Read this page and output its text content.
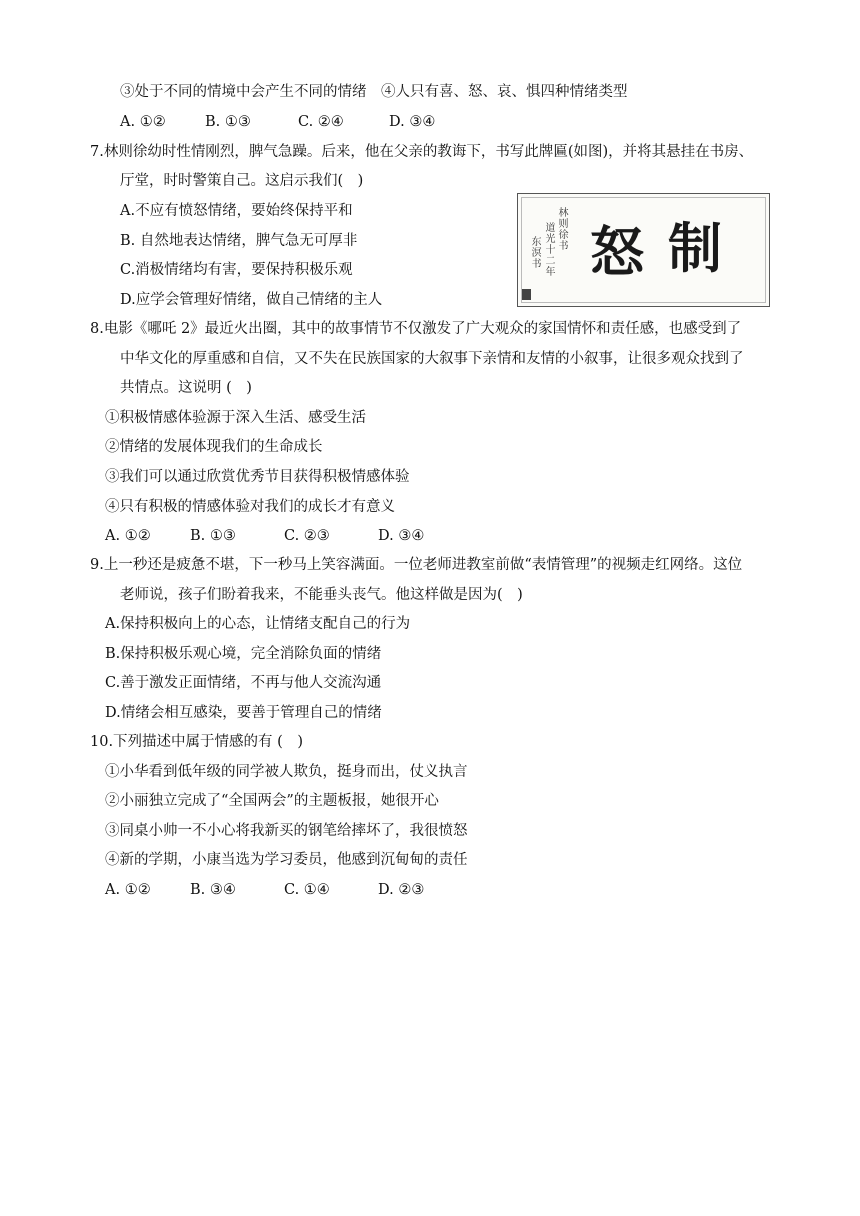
③处于不同的情境中会产生不同的情绪　④人只有喜、怒、哀、惧四种情绪类型
A. ①②	B. ①③	C. ②④	D. ③④
7.林则徐幼时性情刚烈，脾气急躁。后来，他在父亲的教诲下，书写此牌匾(如图)，并将其悬挂在书房、
厅堂，时时警策自己。这启示我们(　)
A.不应有愤怒情绪，要始终保持平和
B. 自然地表达情绪，脾气急无可厚非
C.消极情绪均有害，要保持积极乐观
D.应学会管理好情绪，做自己情绪的主人
林则徐书
道光十二年
东溟书 怒 制
8.电影《哪吒 2》最近火出圈，其中的故事情节不仅激发了广大观众的家国情怀和责任感，也感受到了
中华文化的厚重感和自信，又不失在民族国家的大叙事下亲情和友情的小叙事，让很多观众找到了
共情点。这说明 (　)
①积极情感体验源于深入生活、感受生活
②情绪的发展体现我们的生命成长
③我们可以通过欣赏优秀节目获得积极情感体验
④只有积极的情感体验对我们的成长才有意义
A. ①②	B. ①③	C. ②③	D. ③④
9.上一秒还是疲惫不堪，下一秒马上笑容满面。一位老师进教室前做“表情管理”的视频走红网络。这位
老师说，孩子们盼着我来，不能垂头丧气。他这样做是因为(　)
A.保持积极向上的心态，让情绪支配自己的行为
B.保持积极乐观心境，完全消除负面的情绪
C.善于激发正面情绪，不再与他人交流沟通
D.情绪会相互感染，要善于管理自己的情绪
10.下列描述中属于情感的有 (　)
①小华看到低年级的同学被人欺负，挺身而出，仗义执言
②小丽独立完成了“全国两会”的主题板报，她很开心
③同桌小帅一不小心将我新买的钢笔给摔坏了，我很愤怒
④新的学期，小康当选为学习委员，他感到沉甸甸的责任
A. ①②	B. ③④	C. ①④	D. ②③
